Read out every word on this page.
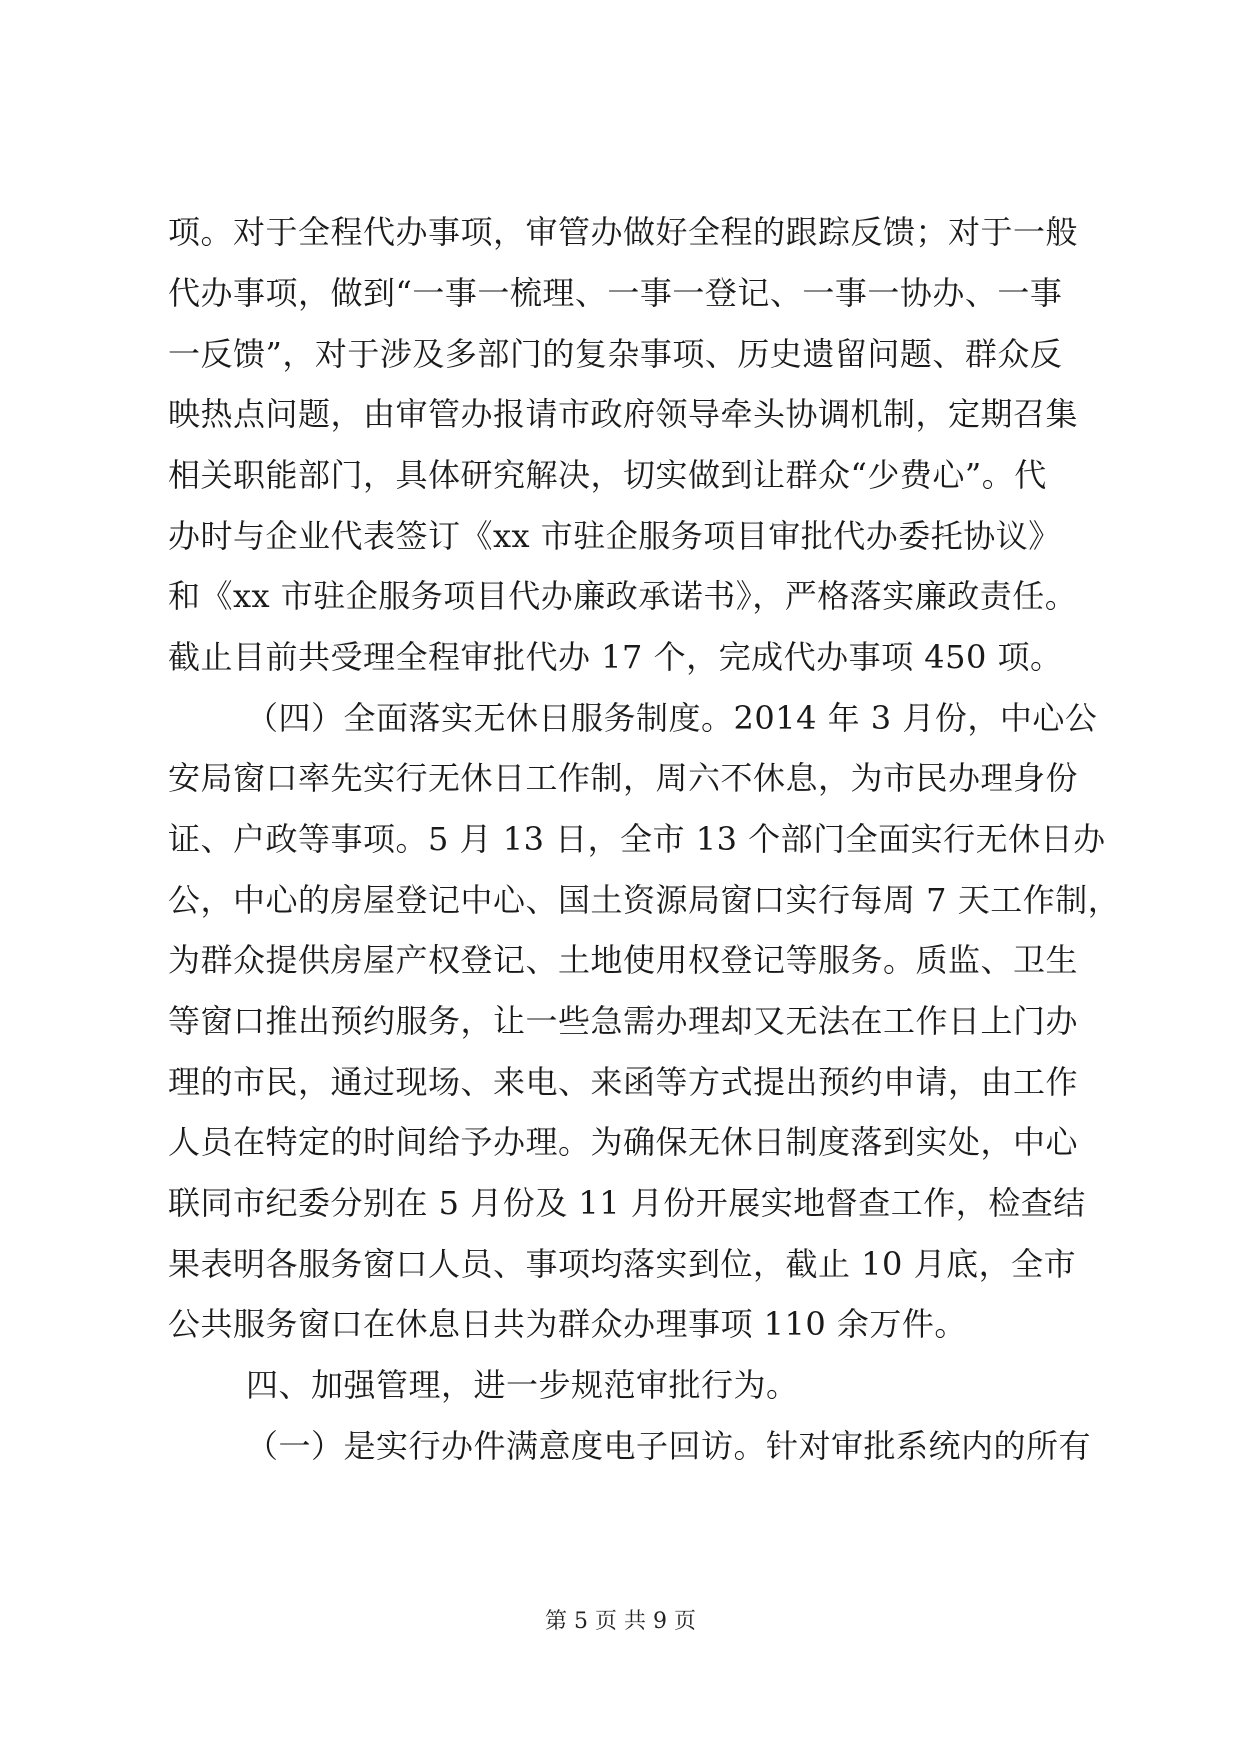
项。对于全程代办事项，审管办做好全程的跟踪反馈；对于一般
代办事项，做到“一事一梳理、一事一登记、一事一协办、一事
一反馈”，对于涉及多部门的复杂事项、历史遗留问题、群众反
映热点问题，由审管办报请市政府领导牵头协调机制，定期召集
相关职能部门，具体研究解决，切实做到让群众“少费心”。代
办时与企业代表签订《xx 市驻企服务项目审批代办委托协议》
和《xx 市驻企服务项目代办廉政承诺书》，严格落实廉政责任。
截止目前共受理全程审批代办 17 个，完成代办事项 450 项。
（四）全面落实无休日服务制度。2014 年 3 月份，中心公
安局窗口率先实行无休日工作制，周六不休息，为市民办理身份
证、户政等事项。5 月 13 日，全市 13 个部门全面实行无休日办
公，中心的房屋登记中心、国土资源局窗口实行每周 7 天工作制，
为群众提供房屋产权登记、土地使用权登记等服务。质监、卫生
等窗口推出预约服务，让一些急需办理却又无法在工作日上门办
理的市民，通过现场、来电、来函等方式提出预约申请，由工作
人员在特定的时间给予办理。为确保无休日制度落到实处，中心
联同市纪委分别在 5 月份及 11 月份开展实地督查工作，检查结
果表明各服务窗口人员、事项均落实到位，截止 10 月底，全市
公共服务窗口在休息日共为群众办理事项 110 余万件。
四、加强管理，进一步规范审批行为。
（一）是实行办件满意度电子回访。针对审批系统内的所有
第 5 页 共 9 页
